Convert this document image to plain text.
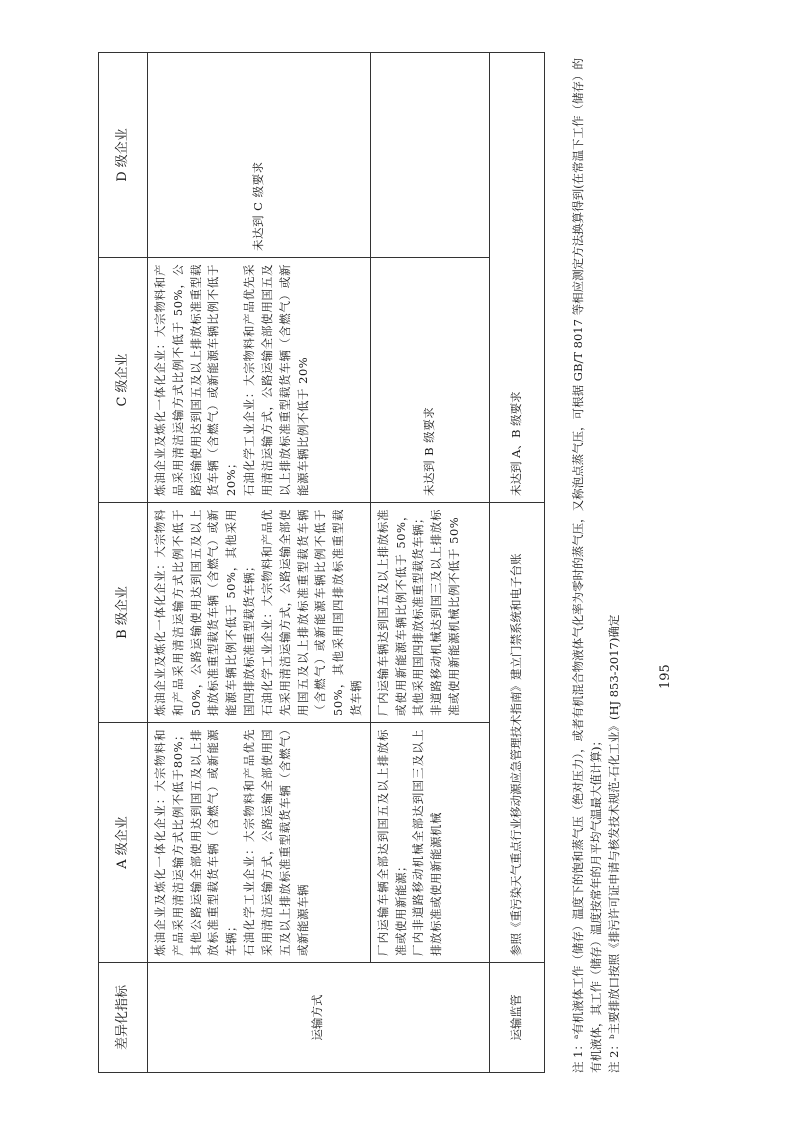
差异化指标	A 级企业	B 级企业	C 级企业	D 级企业
运输方式	炼油企业及炼化一体化企业：大宗物料和产品采用清洁运输方式比例不低于80%；其他公路运输全部使用达到国五及以上排放标准重型载货车辆（含燃气）或新能源车辆； 石油化学工业企业：大宗物料和产品优先采用清洁运输方式，公路运输全部使用国五及以上排放标准重型载货车辆（含燃气）或新能源车辆	炼油企业及炼化一体化企业：大宗物料和产品采用清洁运输方式比例不低于 50%，公路运输使用达到国五及以上排放标准重型载货车辆（含燃气）或新能源车辆比例不低于 50%，其他采用国四排放标准重型载货车辆； 石油化学工业企业：大宗物料和产品优先采用清洁运输方式，公路运输全部使用国五及以上排放标准重型载货车辆（含燃气）或新能源车辆比例不低于50%，其他采用国四排放标准重型载货车辆	炼油企业及炼化一体化企业：大宗物料和产品采用清洁运输方式比例不低于 50%，公路运输使用达到国五及以上排放标准重型载货车辆（含燃气）或新能源车辆比例不低于 20%； 石油化学工业企业：大宗物料和产品优先采用清洁运输方式，公路运输全部使用国五及以上排放标准重型载货车辆（含燃气）或新能源车辆比例不低于 20%	未达到 C 级要求

	厂内运输车辆全部达到国五及以上排放标准或使用新能源； 厂内非道路移动机械全部达到国三及以上排放标准或使用新能源机械	厂内运输车辆达到国五及以上排放标准或使用新能源车辆比例不低于 50%，其他采用国四排放标准重型载货车辆； 非道路移动机械达到国三及以上排放标准或使用新能源机械比例不低于 50%	未达到 B 级要求	

运输监管	参照《重污染天气重点行业移动源应急管理技术指南》建立门禁系统和电子台账		未达到 A、B 级要求		注 1：ᵃ有机液体工作（储存）温度下的饱和蒸气压（绝对压力），或者有机混合物液体气化率为零时的蒸气压，又称泡点蒸气压，可根据 GB/T 8017 等相应测定方法换算得到(在常温下工作（储存）的有机液体，其工作（储存）温度按常年的月平均气温最大值计算)； 注 2：ᵇ主要排放口按照《排污许可证申请与核发技术规范-石化工业》(HJ 853-2017)确定	195
